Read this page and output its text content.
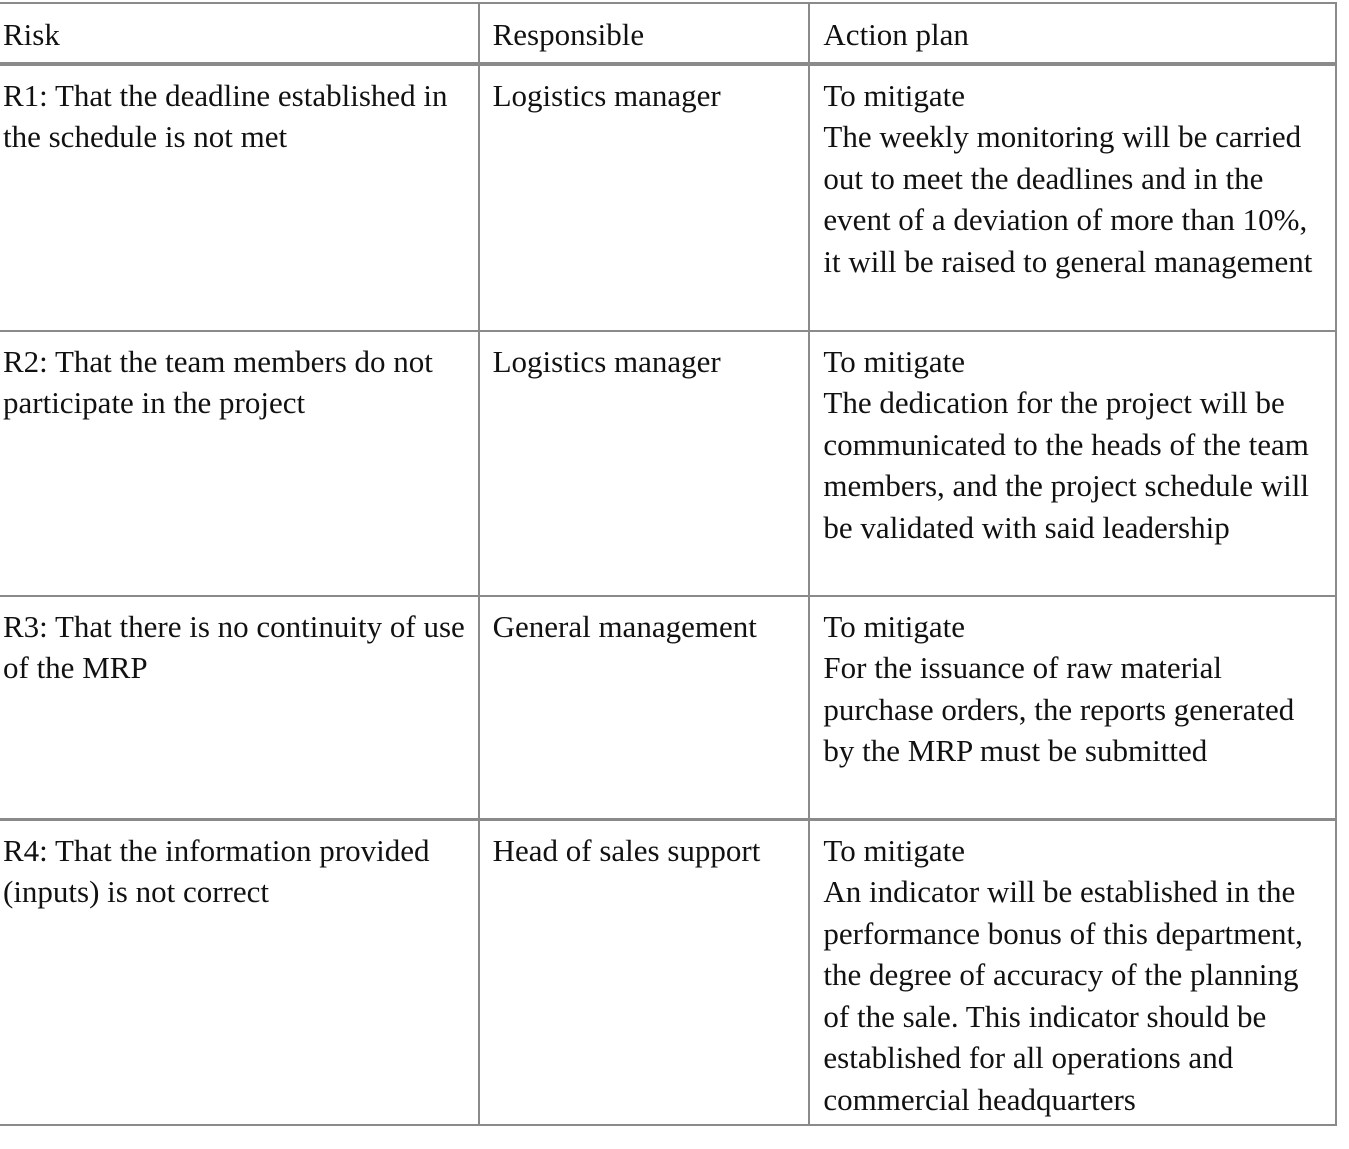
Risk	Responsible	Action plan
R1: That the deadline established in the schedule is not met	Logistics manager	To mitigate
The weekly monitoring will be carried out to meet the deadlines and in the event of a deviation of more than 10%, it will be raised to general management

R2: That the team members do not participate in the project	Logistics manager	To mitigate
The dedication for the project will be communicated to the heads of the team members, and the project schedule will be validated with said leadership

R3: That there is no continuity of use of the MRP	General management	To mitigate
For the issuance of raw material purchase orders, the reports generated by the MRP must be submitted

R4: That the information provided (inputs) is not correct	Head of sales support	To mitigate
An indicator will be established in the performance bonus of this department, the degree of accuracy of the planning of the sale. This indicator should be established for all operations and commercial headquarters
